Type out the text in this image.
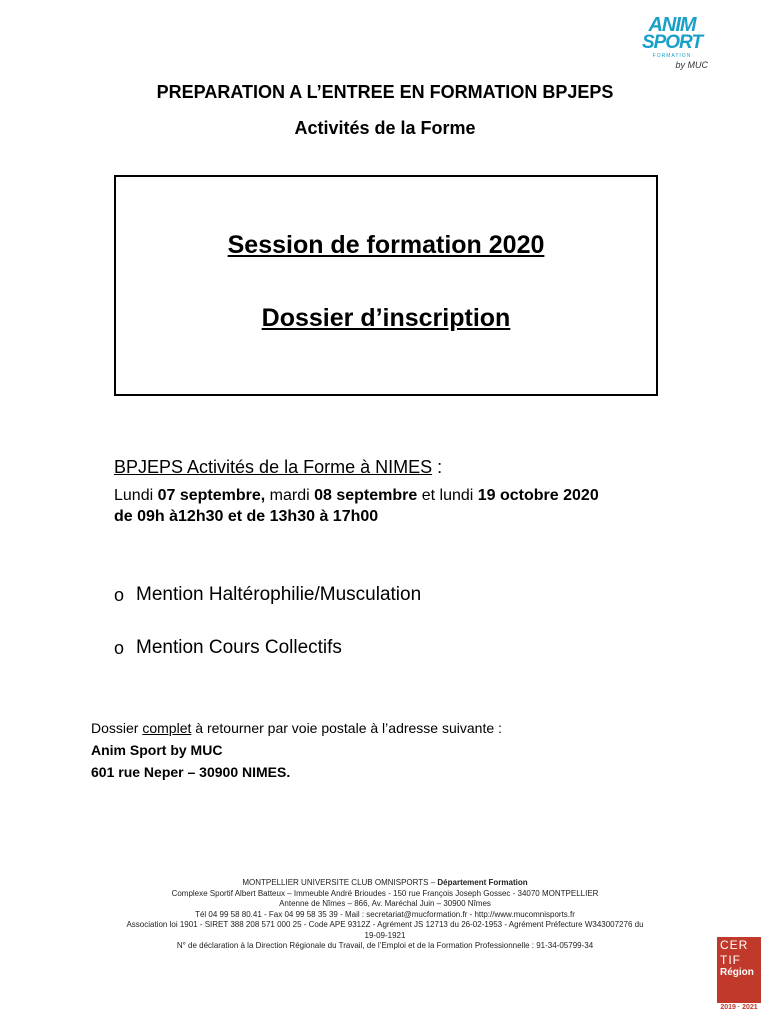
ANIM
SPORT
FORMATION
by MUC
PREPARATION A L’ENTREE EN FORMATION BPJEPS
Activités de la Forme
Session de formation 2020
Dossier d’inscription
BPJEPS Activités de la Forme à NIMES :
Lundi 07 septembre, mardi 08 septembre et lundi 19 octobre 2020
de 09h à12h30 et de 13h30 à 17h00
o Mention Haltérophilie/Musculation
o Mention Cours Collectifs
Dossier complet à retourner par voie postale à l’adresse suivante :
Anim Sport by MUC
601 rue Neper – 30900 NIMES.
MONTPELLIER UNIVERSITE CLUB OMNISPORTS – Département Formation
Complexe Sportif Albert Batteux – Immeuble André Brioudes - 150 rue François Joseph Gossec - 34070 MONTPELLIER
Antenne de Nîmes – 866, Av. Maréchal Juin – 30900 Nîmes
Tél 04 99 58 80.41 - Fax 04 99 58 35 39 - Mail : secretariat@mucformation.fr - http://www.mucomnisports.fr
Association loi 1901 - SIRET 388 208 571 000 25 - Code APE 9312Z - Agrément JS 12713 du 26-02-1953 - Agrément Préfecture W343007276 du
19-09-1921
N° de déclaration à la Direction Régionale du Travail, de l’Emploi et de la Formation Professionnelle : 91-34-05799-34	CER
TIF
Région
2019 · 2021
